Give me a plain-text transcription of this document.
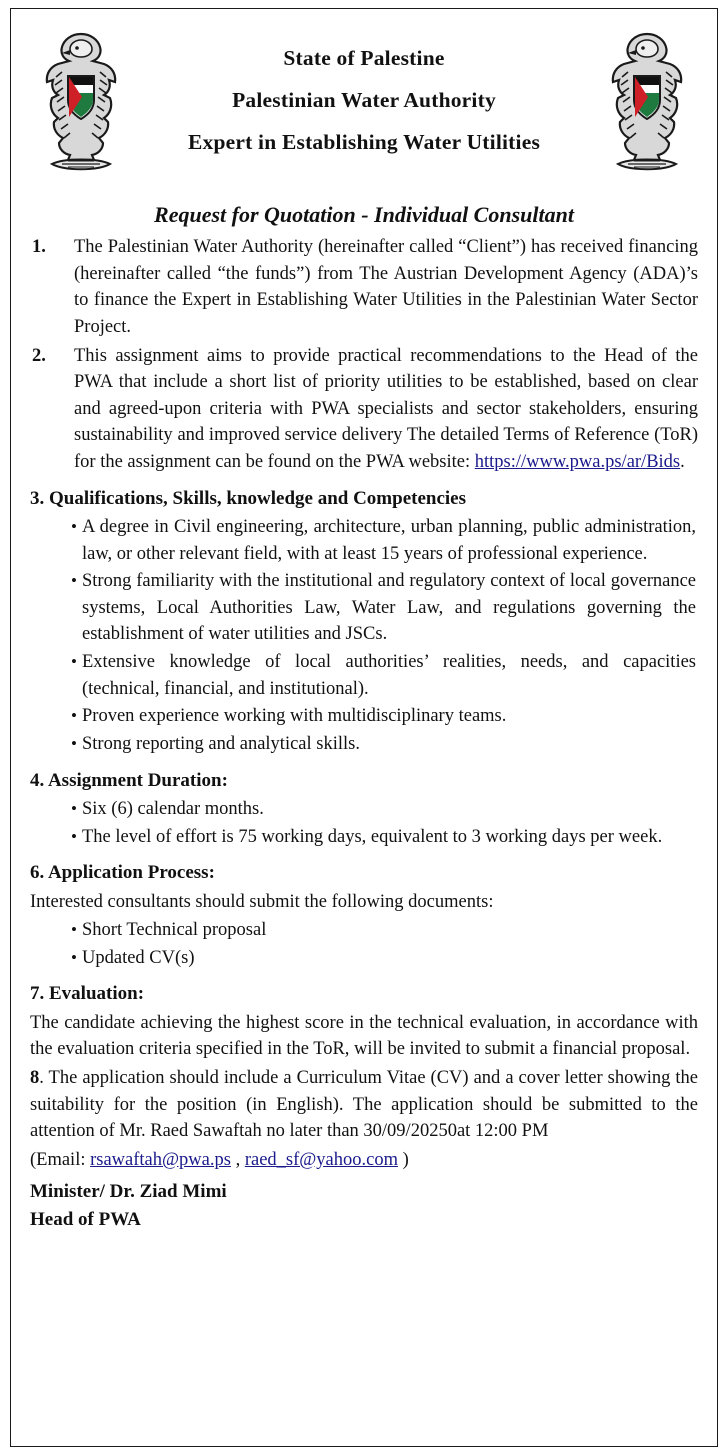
State of Palestine
Palestinian Water Authority
Expert in Establishing Water Utilities
Request for Quotation - Individual Consultant
1.	The Palestinian Water Authority (hereinafter called “Client”) has received financing (hereinafter called “the funds”) from The Austrian Development Agency (ADA)’s to finance the Expert in Establishing Water Utilities in the Palestinian Water Sector Project.
2.	This assignment aims to provide practical recommendations to the Head of the PWA that include a short list of priority utilities to be established, based on clear and agreed-upon criteria with PWA specialists and sector stakeholders, ensuring sustainability and improved service delivery The detailed Terms of Reference (ToR) for the assignment can be found on the PWA website: https://www.pwa.ps/ar/Bids.
3. Qualifications, Skills, knowledge and Competencies
• A degree in Civil engineering, architecture, urban planning, public administration, law, or other relevant field, with at least 15 years of professional experience.
• Strong familiarity with the institutional and regulatory context of local governance systems, Local Authorities Law, Water Law, and regulations governing the establishment of water utilities and JSCs.
• Extensive knowledge of local authorities’ realities, needs, and capacities (technical, financial, and institutional).
• Proven experience working with multidisciplinary teams.
• Strong reporting and analytical skills.
4. Assignment Duration:
• Six (6) calendar months.
• The level of effort is 75 working days, equivalent to 3 working days per week.
6. Application Process:
Interested consultants should submit the following documents:
• Short Technical proposal
• Updated CV(s)
7. Evaluation:
The candidate achieving the highest score in the technical evaluation, in accordance with the evaluation criteria specified in the ToR, will be invited to submit a financial proposal.
8. The application should include a Curriculum Vitae (CV) and a cover letter showing the suitability for the position (in English). The application should be submitted to the attention of Mr. Raed Sawaftah no later than 30/09/20250at 12:00 PM
(Email: rsawaftah@pwa.ps , raed_sf@yahoo.com )
Minister/ Dr. Ziad Mimi
Head of PWA
